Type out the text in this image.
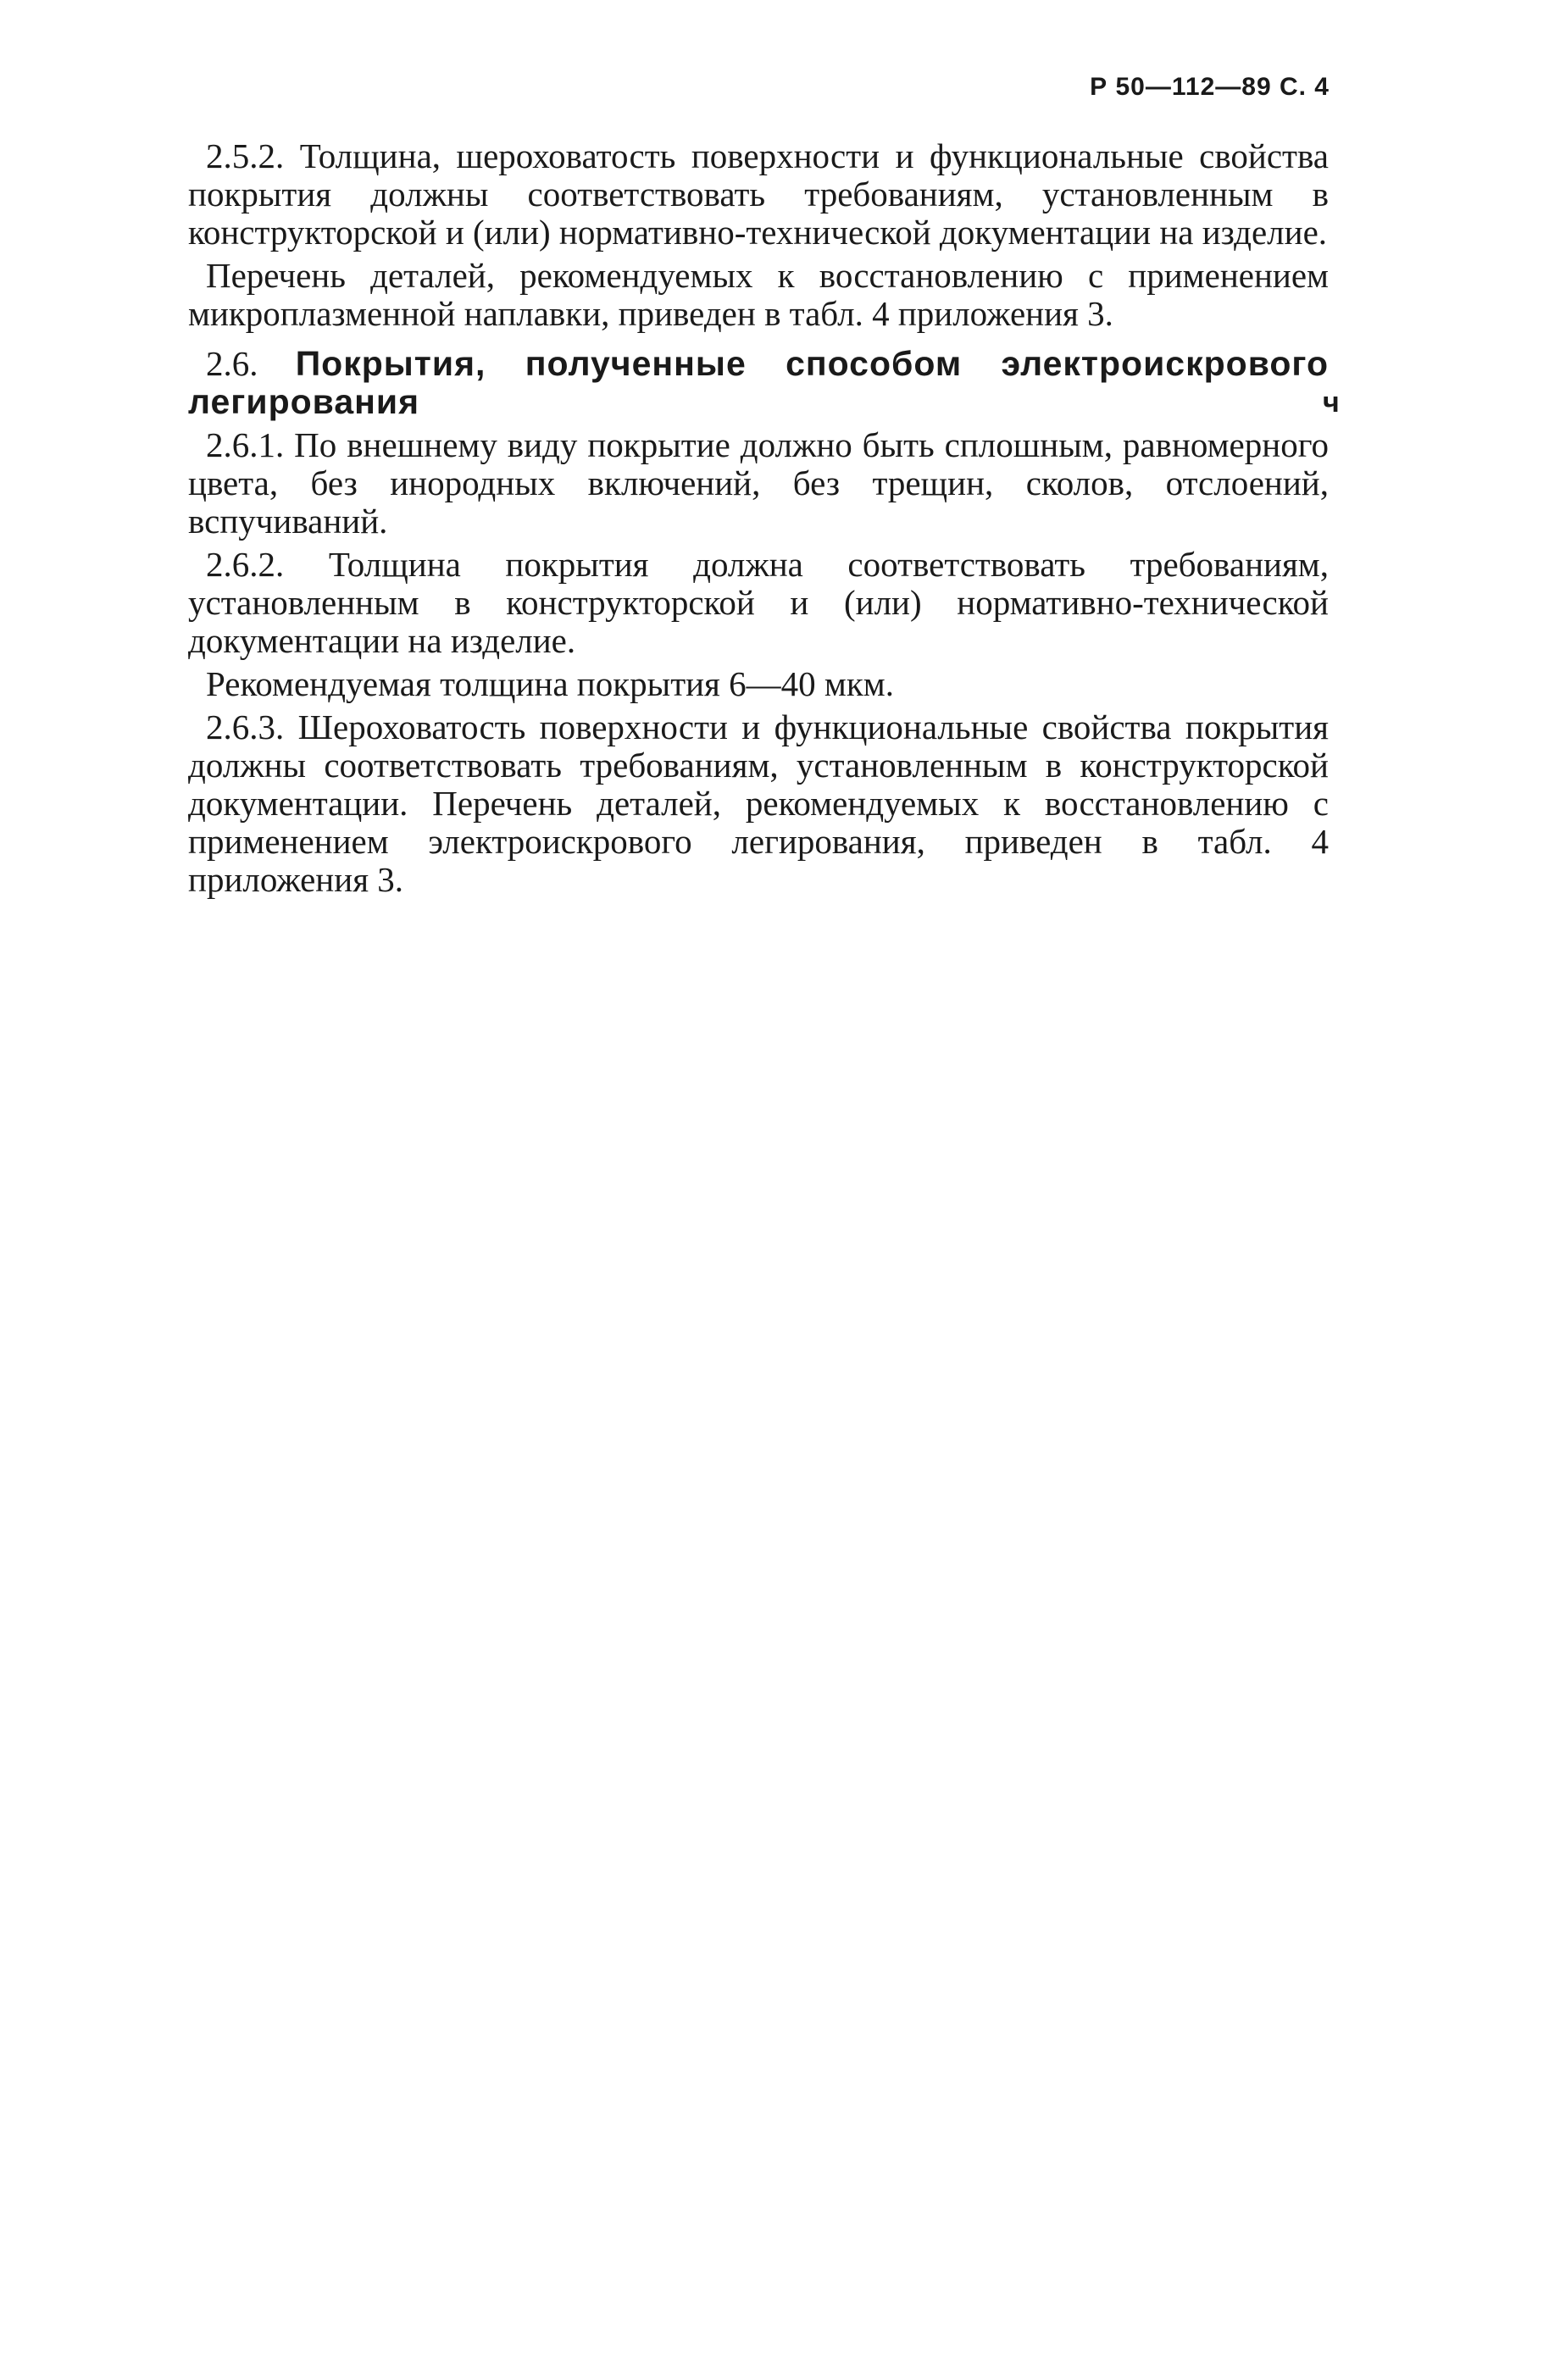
Р 50—112—89 С. 4
ч

2.5.2. Толщина, шероховатость поверхности и функциональные свойства покрытия должны соответствовать требованиям, установленным в конструкторской и (или) нормативно-технической документации на изделие.

Перечень деталей, рекомендуемых к восстановлению с применением микроплазменной наплавки, приведен в табл. 4 приложения 3.

2.6. Покрытия, полученные способом электроискрового легирования

2.6.1. По внешнему виду покрытие должно быть сплошным, равномерного цвета, без инородных включений, без трещин, сколов, отслоений, вспучиваний.

2.6.2. Толщина покрытия должна соответствовать требованиям, установленным в конструкторской и (или) нормативно-технической документации на изделие.

Рекомендуемая толщина покрытия 6—40 мкм.

2.6.3. Шероховатость поверхности и функциональные свойства покрытия должны соответствовать требованиям, установленным в конструкторской документации. Перечень деталей, рекомендуемых к восстановлению с применением электроискрового легирования, приведен в табл. 4 приложения 3.
